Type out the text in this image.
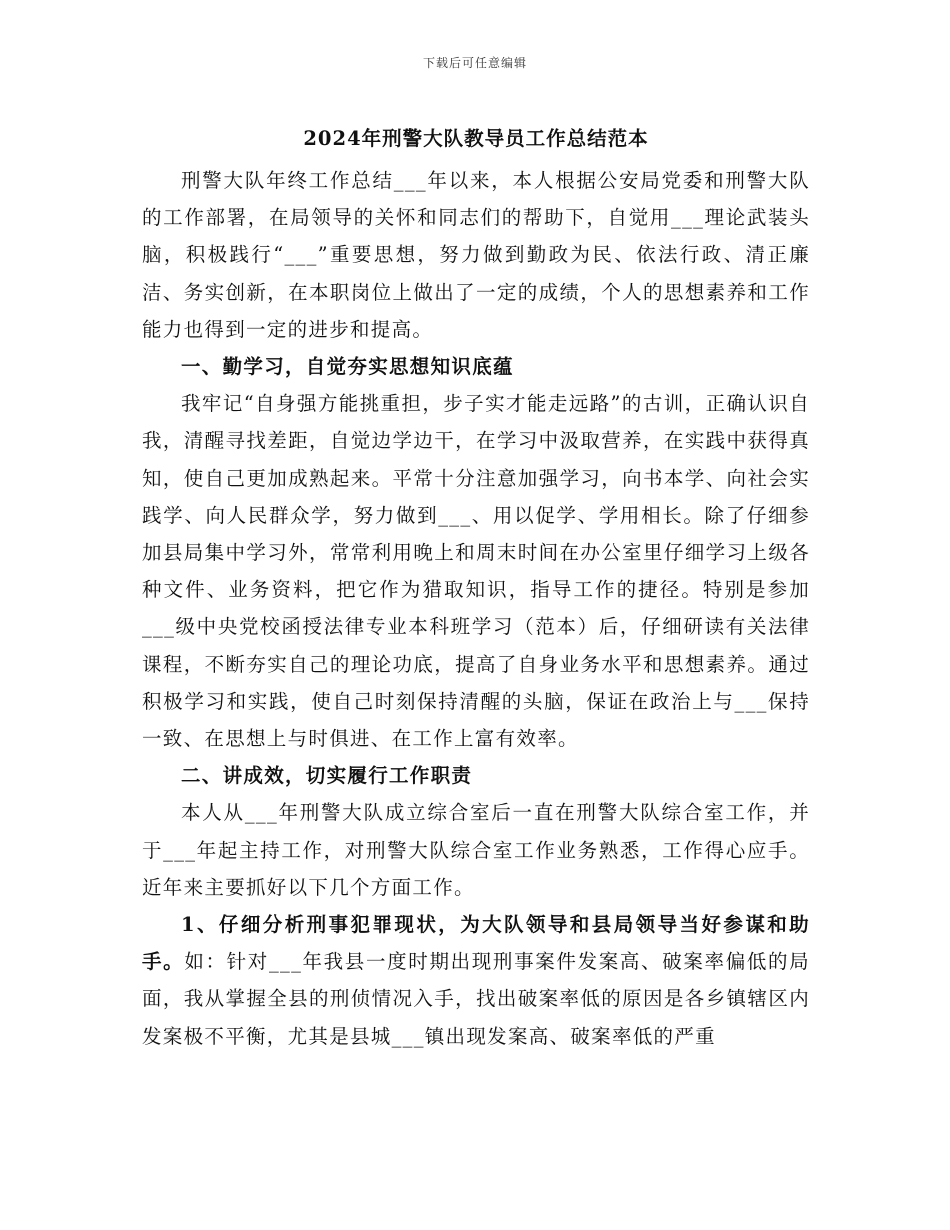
下载后可任意编辑
2024年刑警大队教导员工作总结范本

刑警大队年终工作总结___年以来，本人根据公安局党委和刑警大队的工作部署，在局领导的关怀和同志们的帮助下，自觉用___理论武装头脑，积极践行“___”重要思想，努力做到勤政为民、依法行政、清正廉洁、务实创新，在本职岗位上做出了一定的成绩，个人的思想素养和工作能力也得到一定的进步和提高。

一、勤学习，自觉夯实思想知识底蕴

我牢记“自身强方能挑重担，步子实才能走远路”的古训，正确认识自我，清醒寻找差距，自觉边学边干，在学习中汲取营养，在实践中获得真知，使自己更加成熟起来。平常十分注意加强学习，向书本学、向社会实践学、向人民群众学，努力做到___、用以促学、学用相长。除了仔细参加县局集中学习外，常常利用晚上和周末时间在办公室里仔细学习上级各种文件、业务资料，把它作为猎取知识，指导工作的捷径。特别是参加___级中央党校函授法律专业本科班学习（范本）后，仔细研读有关法律课程，不断夯实自己的理论功底，提高了自身业务水平和思想素养。通过积极学习和实践，使自己时刻保持清醒的头脑，保证在政治上与___保持一致、在思想上与时俱进、在工作上富有效率。

二、讲成效，切实履行工作职责

本人从___年刑警大队成立综合室后一直在刑警大队综合室工作，并于___年起主持工作，对刑警大队综合室工作业务熟悉，工作得心应手。近年来主要抓好以下几个方面工作。

1、仔细分析刑事犯罪现状，为大队领导和县局领导当好参谋和助手。如：针对___年我县一度时期出现刑事案件发案高、破案率偏低的局面，我从掌握全县的刑侦情况入手，找出破案率低的原因是各乡镇辖区内发案极不平衡，尤其是县城___镇出现发案高、破案率低的严重
